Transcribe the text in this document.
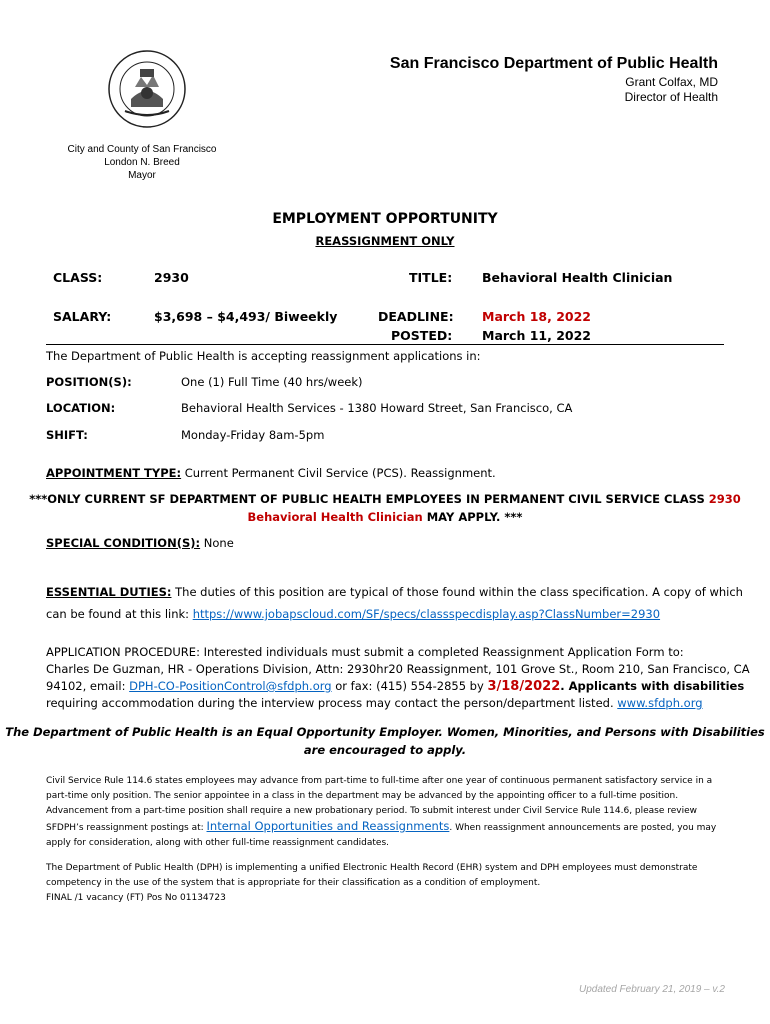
San Francisco Department of Public Health
Grant Colfax, MD
Director of Health
City and County of San Francisco
London N. Breed
Mayor
EMPLOYMENT OPPORTUNITY
REASSIGNMENT ONLY
CLASS:	2930	TITLE: Behavioral Health Clinician
SALARY:	$3,698 – $4,493/ Biweekly	DEADLINE: March 18, 2022
POSTED: March 11, 2022
The Department of Public Health is accepting reassignment applications in:
POSITION(S):	One (1) Full Time (40 hrs/week)
LOCATION:	Behavioral Health Services - 1380 Howard Street, San Francisco, CA
SHIFT:	Monday-Friday 8am-5pm
APPOINTMENT TYPE: Current Permanent Civil Service (PCS). Reassignment.
***ONLY CURRENT SF DEPARTMENT OF PUBLIC HEALTH EMPLOYEES IN PERMANENT CIVIL SERVICE CLASS 2930
Behavioral Health Clinician MAY APPLY. ***
SPECIAL CONDITION(S): None
ESSENTIAL DUTIES: The duties of this position are typical of those found within the class specification. A copy of which
can be found at this link: https://www.jobapscloud.com/SF/specs/classspecdisplay.asp?ClassNumber=2930
APPLICATION PROCEDURE: Interested individuals must submit a completed Reassignment Application Form to:
Charles De Guzman, HR - Operations Division, Attn: 2930hr20 Reassignment, 101 Grove St., Room 210, San Francisco, CA
94102, email: DPH-CO-PositionControl@sfdph.org or fax: (415) 554-2855 by 3/18/2022. Applicants with disabilities
requiring accommodation during the interview process may contact the person/department listed. www.sfdph.org
The Department of Public Health is an Equal Opportunity Employer. Women, Minorities, and Persons with Disabilities
are encouraged to apply.
Civil Service Rule 114.6 states employees may advance from part-time to full-time after one year of continuous permanent satisfactory service in a
part-time only position. The senior appointee in a class in the department may be advanced by the appointing officer to a full-time position.
Advancement from a part-time position shall require a new probationary period. To submit interest under Civil Service Rule 114.6, please review
SFDPH’s reassignment postings at: Internal Opportunities and Reassignments. When reassignment announcements are posted, you may
apply for consideration, along with other full-time reassignment candidates.
The Department of Public Health (DPH) is implementing a unified Electronic Health Record (EHR) system and DPH employees must demonstrate
competency in the use of the system that is appropriate for their classification as a condition of employment.
FINAL /1 vacancy (FT) Pos No 01134723
Updated February 21, 2019 – v.2
